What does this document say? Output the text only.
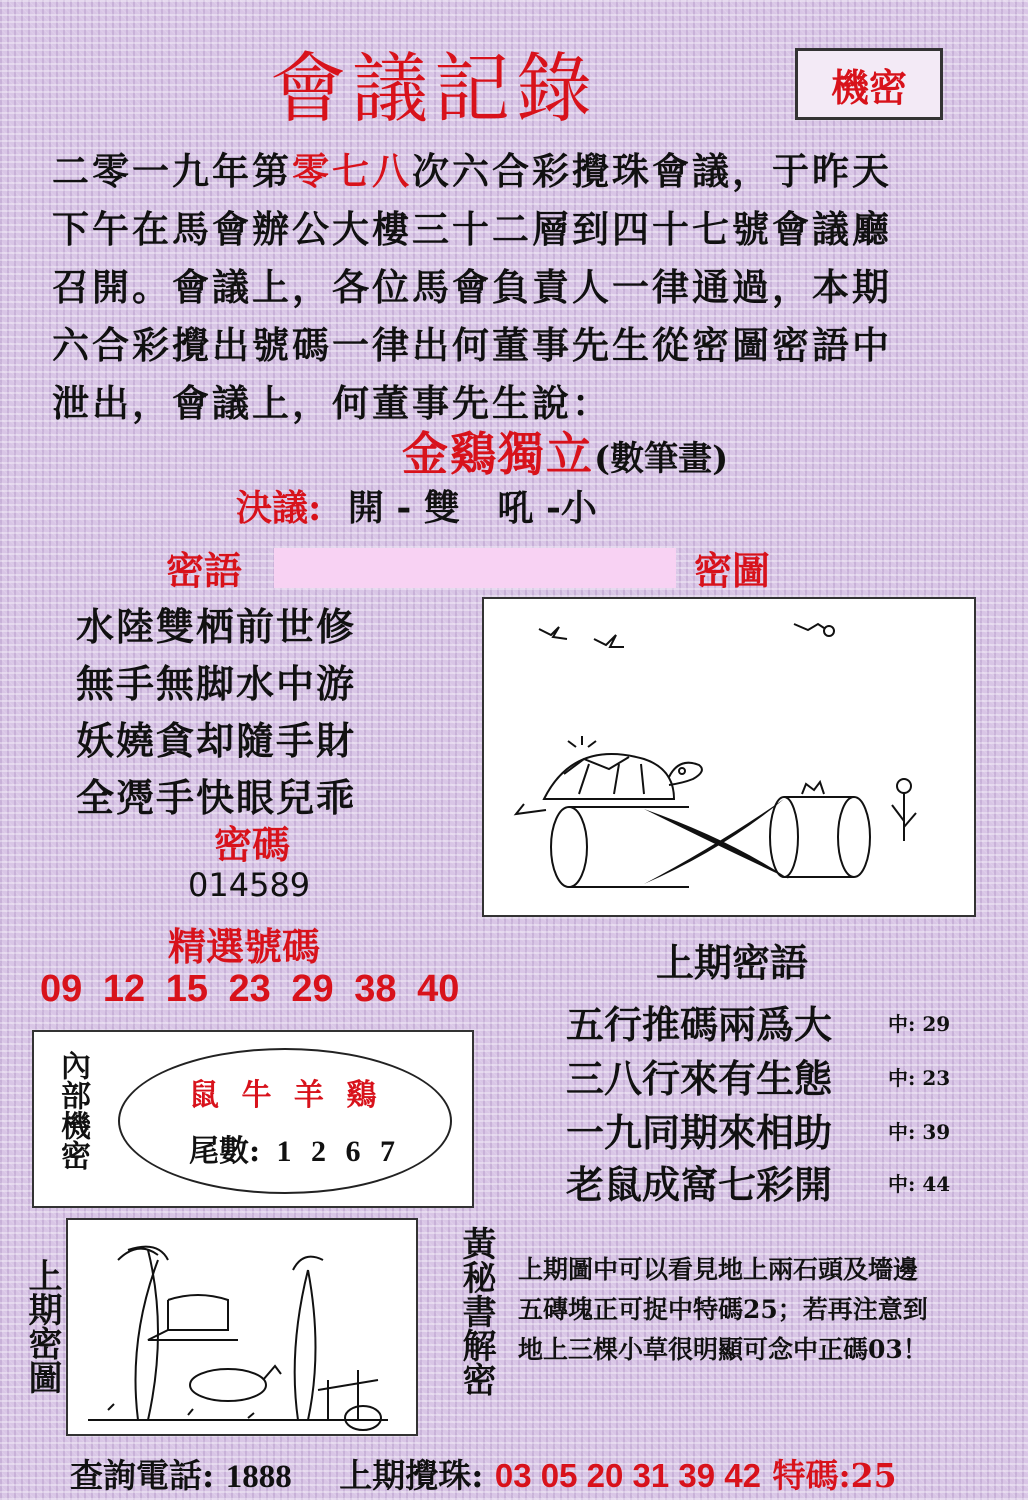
會議記錄	機密
二零一九年第零七八次六合彩攪珠會議，于昨天
下午在馬會辦公大樓三十二層到四十七號會議廳
召開。會議上，各位馬會負責人一律通過，本期
六合彩攪出號碼一律出何董事先生從密圖密語中
泄出，會議上，何董事先生說：
金鷄獨立(數筆畫)
決議: 開 - 雙   吼 -小
密語	密圖
水陸雙栖前世修
無手無脚水中游
妖嬈貪却隨手財
全凴手快眼兒乖
密碼
014589
精選號碼
09 12 15 23 29 38 40
上期密語
五行推碼兩爲大	中: 29
三八行來有生態	中: 23
一九同期來相助	中: 39
老鼠成窩七彩開	中: 44
內部機密	鼠 牛 羊 鷄
尾數: 1 2 6 7
上期密圖	黃秘書解密 上期圖中可以看見地上兩石頭及墻邊
五磚塊正可捉中特碼25；若再注意到
地上三棵小草很明顯可念中正碼03！
查詢電話: 1888 上期攪珠: 03 05 20 31 39 42 特碼:25
